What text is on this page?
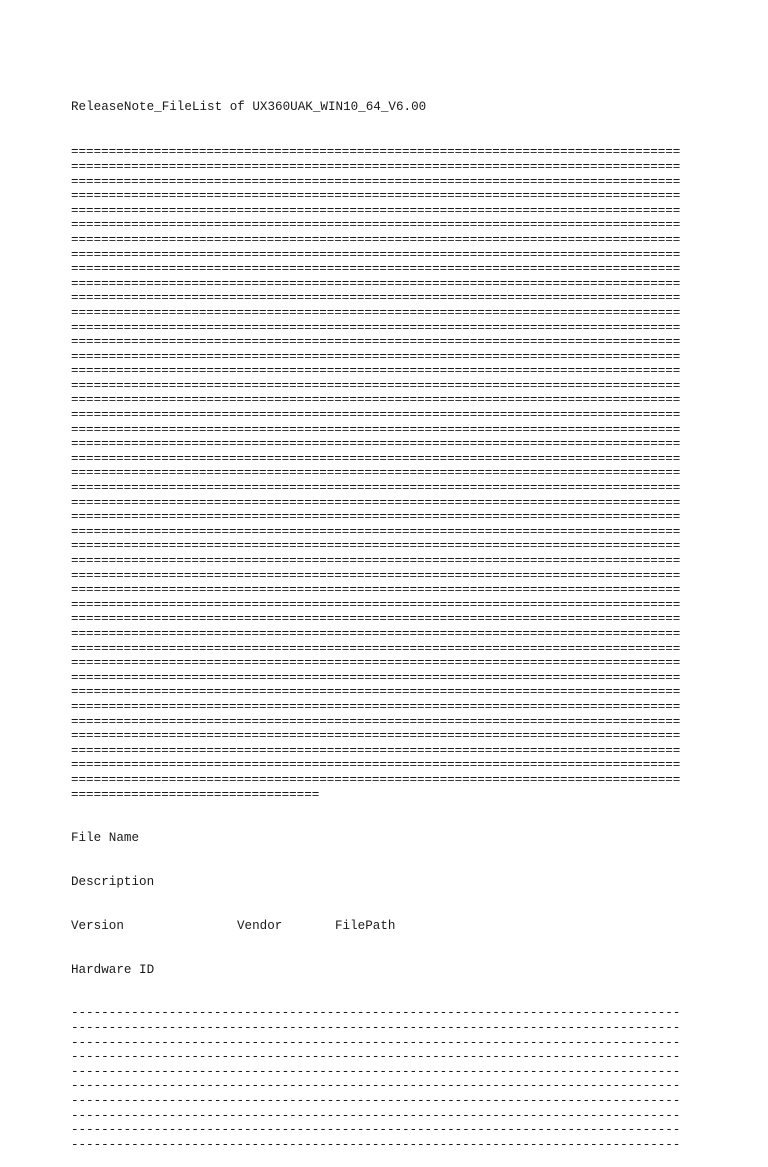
ReleaseNote_FileList of UX360UAK_WIN10_64_V6.00

=================================================================================
=================================================================================
=================================================================================
=================================================================================
=================================================================================
=================================================================================
=================================================================================
=================================================================================
=================================================================================
=================================================================================
=================================================================================
=================================================================================
=================================================================================
=================================================================================
=================================================================================
=================================================================================
=================================================================================
=================================================================================
=================================================================================
=================================================================================
=================================================================================
=================================================================================
=================================================================================
=================================================================================
=================================================================================
=================================================================================
=================================================================================
=================================================================================
=================================================================================
=================================================================================
=================================================================================
=================================================================================
=================================================================================
=================================================================================
=================================================================================
=================================================================================
=================================================================================
=================================================================================
=================================================================================
=================================================================================
=================================================================================
=================================================================================
=================================================================================
=================================================================================
=================================

File Name

Description

Version	Vendor	FilePath

Hardware ID

---------------------------------------------------------------------------------
---------------------------------------------------------------------------------
---------------------------------------------------------------------------------
---------------------------------------------------------------------------------
---------------------------------------------------------------------------------
---------------------------------------------------------------------------------
---------------------------------------------------------------------------------
---------------------------------------------------------------------------------
---------------------------------------------------------------------------------
---------------------------------------------------------------------------------
